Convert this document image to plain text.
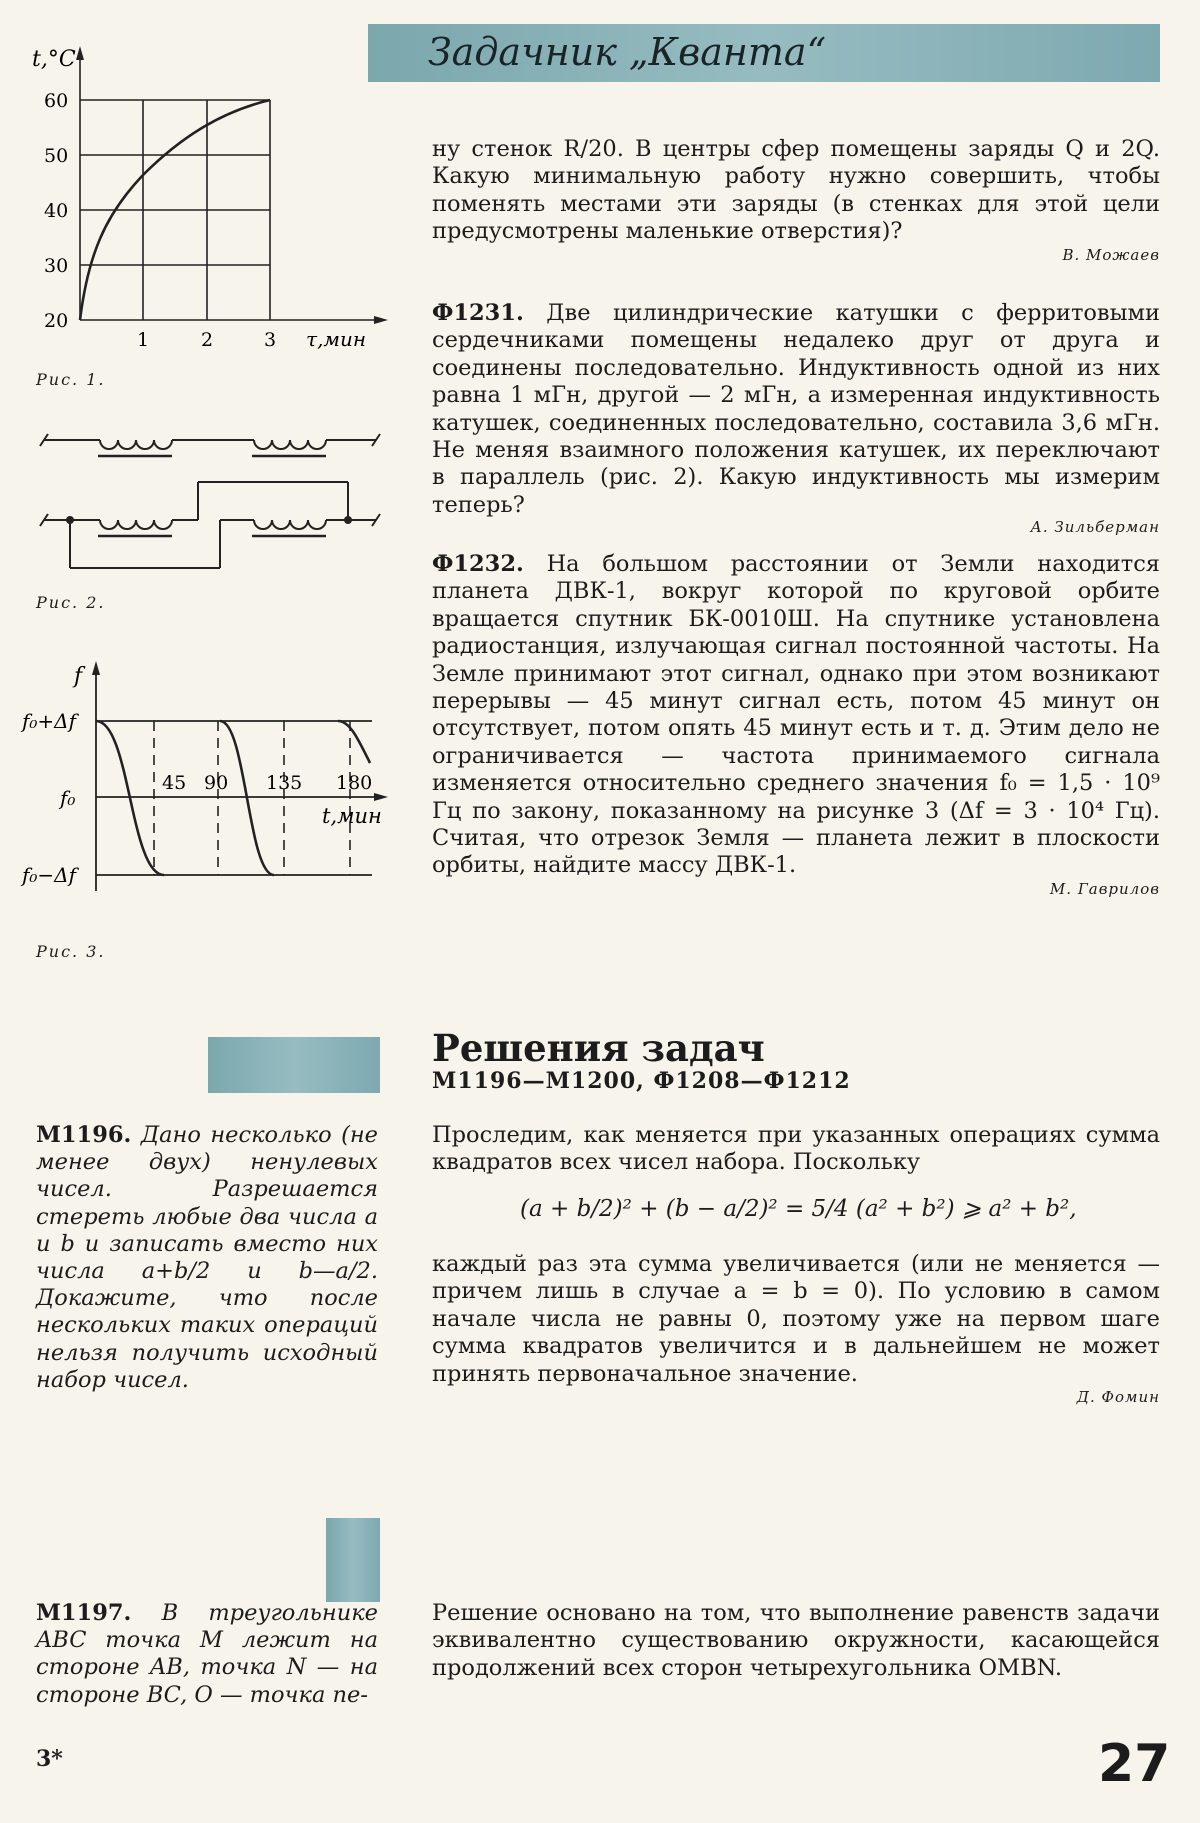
Задачник „Кванта“
t,°C
60
50
40
30
20
1	2	3 τ,мин
Рис. 1.
Рис. 2.
f
f₀+Δf
f₀
f₀−Δf
45 90 135 180
t,мин
Рис. 3.
ну стенок R/20. В центры сфер помещены заряды Q и 2Q. Какую минимальную работу нужно совершить, чтобы поменять местами эти заряды (в стенках для этой цели предусмотрены маленькие отверстия)?
В. Можаев
Ф1231. Две цилиндрические катушки с ферритовыми сердечниками помещены недалеко друг от друга и соединены последовательно. Индуктивность одной из них равна 1 мГн, другой — 2 мГн, а измеренная индуктивность катушек, соединенных последовательно, составила 3,6 мГн. Не меняя взаимного положения катушек, их переключают в параллель (рис. 2). Какую индуктивность мы измерим теперь?
А. Зильберман
Ф1232. На большом расстоянии от Земли находится планета ДВК-1, вокруг которой по круговой орбите вращается спутник БК-0010Ш. На спутнике установлена радиостанция, излучающая сигнал постоянной частоты. На Земле принимают этот сигнал, однако при этом возникают перерывы — 45 минут сигнал есть, потом 45 минут он отсутствует, потом опять 45 минут есть и т. д. Этим дело не ограничивается — частота принимаемого сигнала изменяется относительно среднего значения f₀ = 1,5 · 10⁹ Гц по закону, показанному на рисунке 3 (Δf = 3 · 10⁴ Гц). Считая, что отрезок Земля — планета лежит в плоскости орбиты, найдите массу ДВК-1.
М. Гаврилов
Решения задач
М1196—М1200, Ф1208—Ф1212
М1196. Дано несколько (не менее двух) ненулевых чисел. Разрешается стереть любые два числа a и b и записать вместо них числа a+b/2 и b—a/2. Докажите, что после нескольких таких операций нельзя получить исходный набор чисел.
Проследим, как меняется при указанных операциях сумма квадратов всех чисел набора. Поскольку
(a + b/2)² + (b − a/2)² = 5/4 (a² + b²) ⩾ a² + b²,
каждый раз эта сумма увеличивается (или не меняется — причем лишь в случае a = b = 0). По условию в самом начале числа не равны 0, поэтому уже на первом шаге сумма квадратов увеличится и в дальнейшем не может принять первоначальное значение.
Д. Фомин
М1197. В треугольнике ABC точка M лежит на стороне AB, точка N — на стороне BC, O — точка пе-
Решение основано на том, что выполнение равенств задачи эквивалентно существованию окружности, касающейся продолжений всех сторон четырехугольника OMBN.
3*	27
